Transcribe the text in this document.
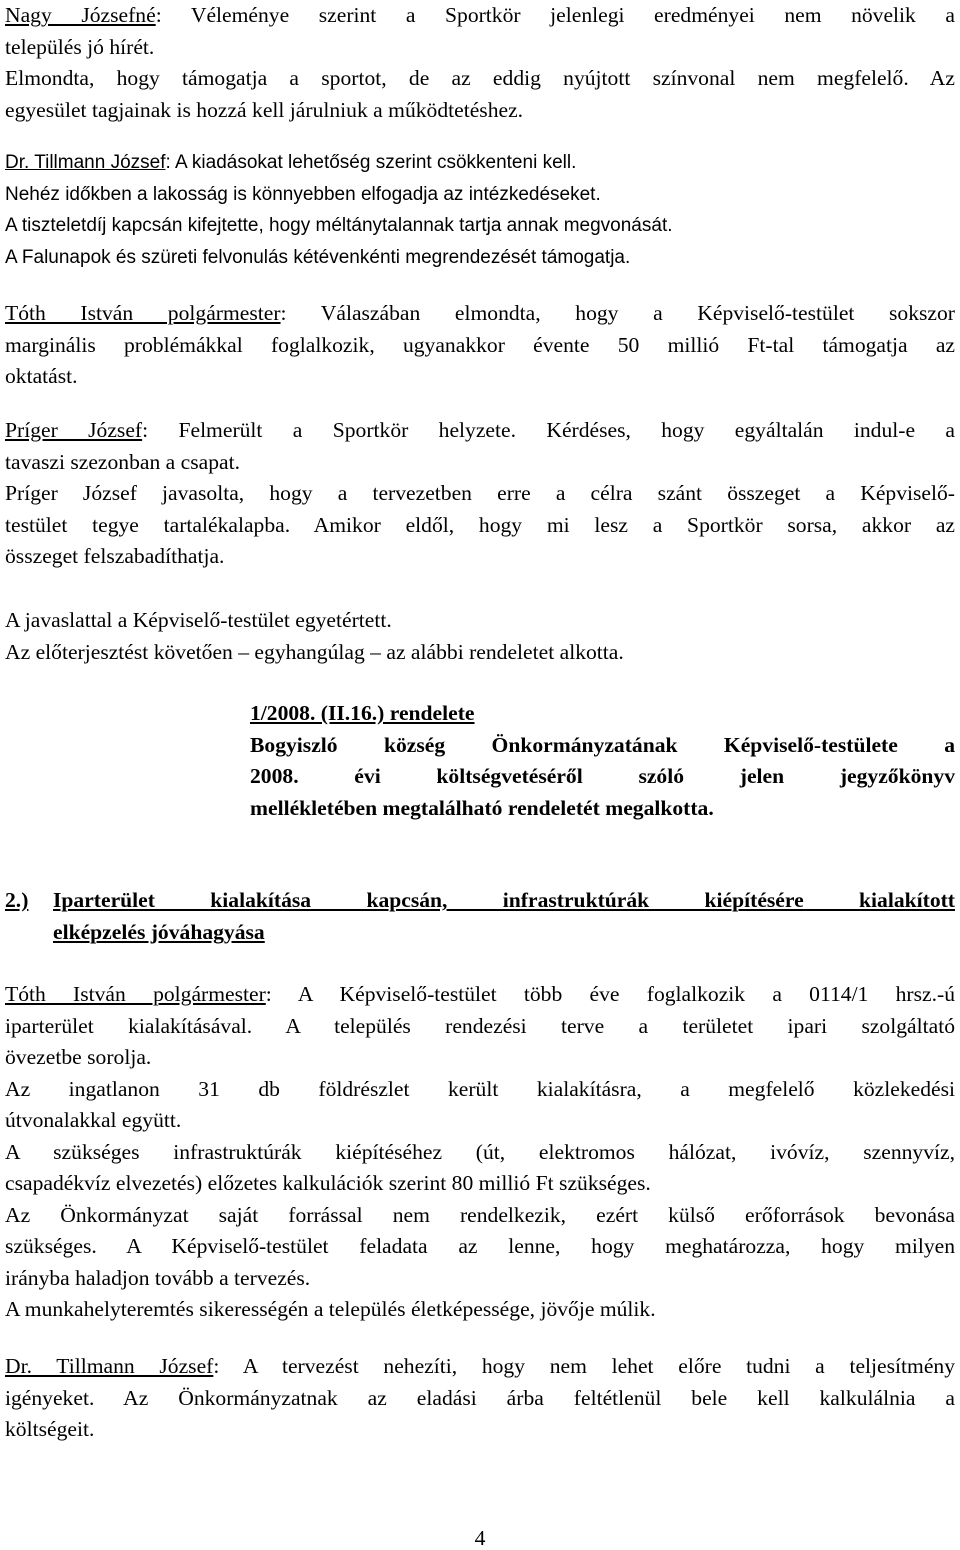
Nagy Józsefné: Véleménye szerint a Sportkör jelenlegi eredményei nem növelik a
település jó hírét.
Elmondta, hogy támogatja a sportot, de az eddig nyújtott színvonal nem megfelelő. Az
egyesület tagjainak is hozzá kell járulniuk a működtetéshez.
Dr. Tillmann József: A kiadásokat lehetőség szerint csökkenteni kell.
Nehéz időkben a lakosság is könnyebben elfogadja az intézkedéseket.
A tiszteletdíj kapcsán kifejtette, hogy méltánytalannak tartja annak megvonását.
A Falunapok és szüreti felvonulás kétévenkénti megrendezését támogatja.
Tóth István polgármester: Válaszában elmondta, hogy a Képviselő-testület sokszor
marginális problémákkal foglalkozik, ugyanakkor évente 50 millió Ft-tal támogatja az
oktatást.
Príger József: Felmerült a Sportkör helyzete. Kérdéses, hogy egyáltalán indul-e a
tavaszi szezonban a csapat.
Príger József javasolta, hogy a tervezetben erre a célra szánt összeget a Képviselő-
testület tegye tartalékalapba. Amikor eldől, hogy mi lesz a Sportkör sorsa, akkor az
összeget felszabadíthatja.
A javaslattal a Képviselő-testület egyetértett.
Az előterjesztést követően – egyhangúlag – az alábbi rendeletet alkotta.
1/2008. (II.16.) rendelete
Bogyiszló község Önkormányzatának Képviselő-testülete a
2008. évi költségvetéséről szóló jelen jegyzőkönyv
mellékletében megtalálható rendeletét megalkotta.
2.)	Iparterület kialakítása kapcsán, infrastruktúrák kiépítésére kialakított
elképzelés jóváhagyása
Tóth István polgármester: A Képviselő-testület több éve foglalkozik a 0114/1 hrsz.-ú
iparterület kialakításával. A település rendezési terve a területet ipari szolgáltató
övezetbe sorolja.
Az ingatlanon 31 db földrészlet került kialakításra, a megfelelő közlekedési
útvonalakkal együtt.
A szükséges infrastruktúrák kiépítéséhez (út, elektromos hálózat, ivóvíz, szennyvíz,
csapadékvíz elvezetés) előzetes kalkulációk szerint 80 millió Ft szükséges.
Az Önkormányzat saját forrással nem rendelkezik, ezért külső erőforrások bevonása
szükséges. A Képviselő-testület feladata az lenne, hogy meghatározza, hogy milyen
irányba haladjon tovább a tervezés.
A munkahelyteremtés sikerességén a település életképessége, jövője múlik.
Dr. Tillmann József: A tervezést nehezíti, hogy nem lehet előre tudni a teljesítmény
igényeket. Az Önkormányzatnak az eladási árba feltétlenül bele kell kalkulálnia a
költségeit.
4
